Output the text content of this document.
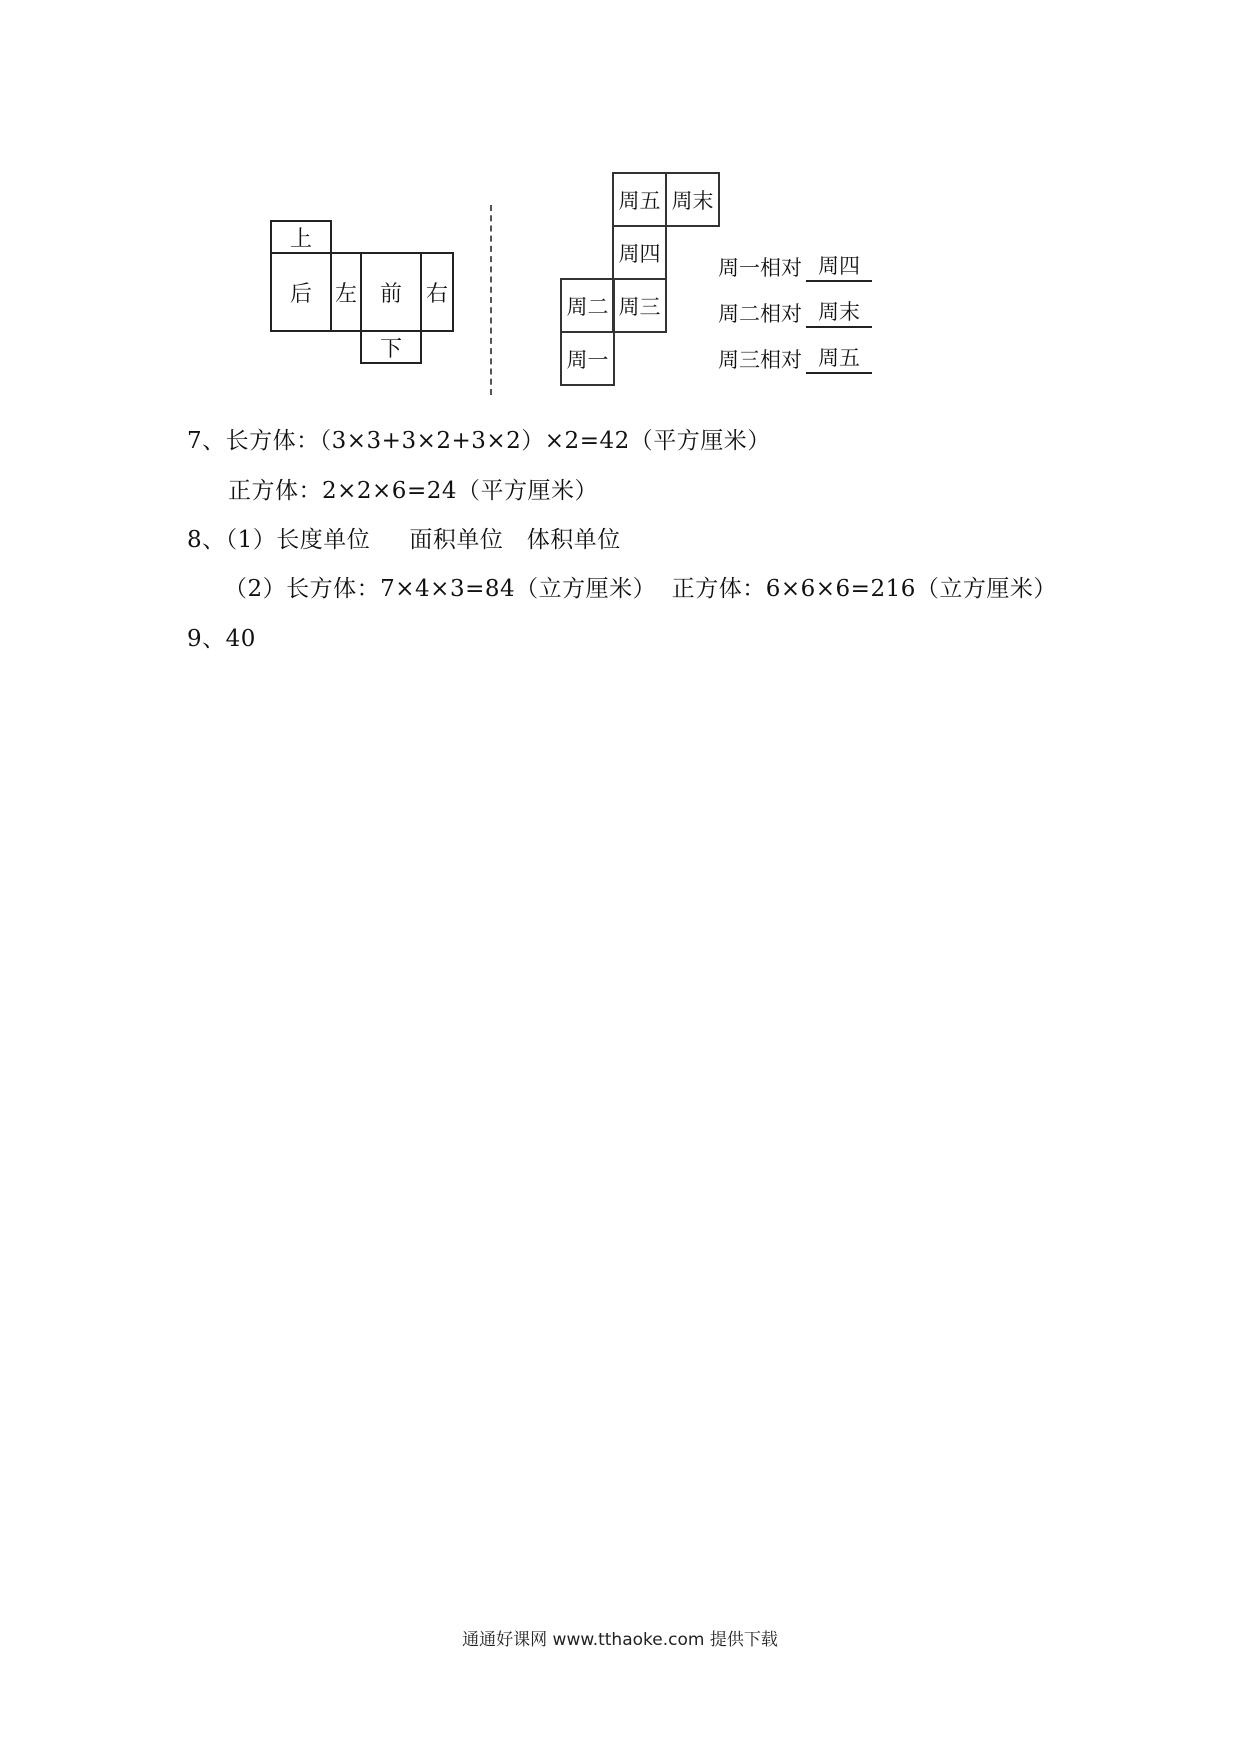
上
后	左	前	右
下
周五 周末
周四
周二 周三
周一
周一相对 周四
周二相对 周末
周三相对 周五
7、长方体：（3×3+3×2+3×2）×2=42（平方厘米）
正方体：2×2×6=24（平方厘米）
8、（1）长度单位     面积单位   体积单位
（2）长方体：7×4×3=84（立方厘米）  正方体：6×6×6=216（立方厘米）
9、40
通通好课网 www.tthaoke.com 提供下载
